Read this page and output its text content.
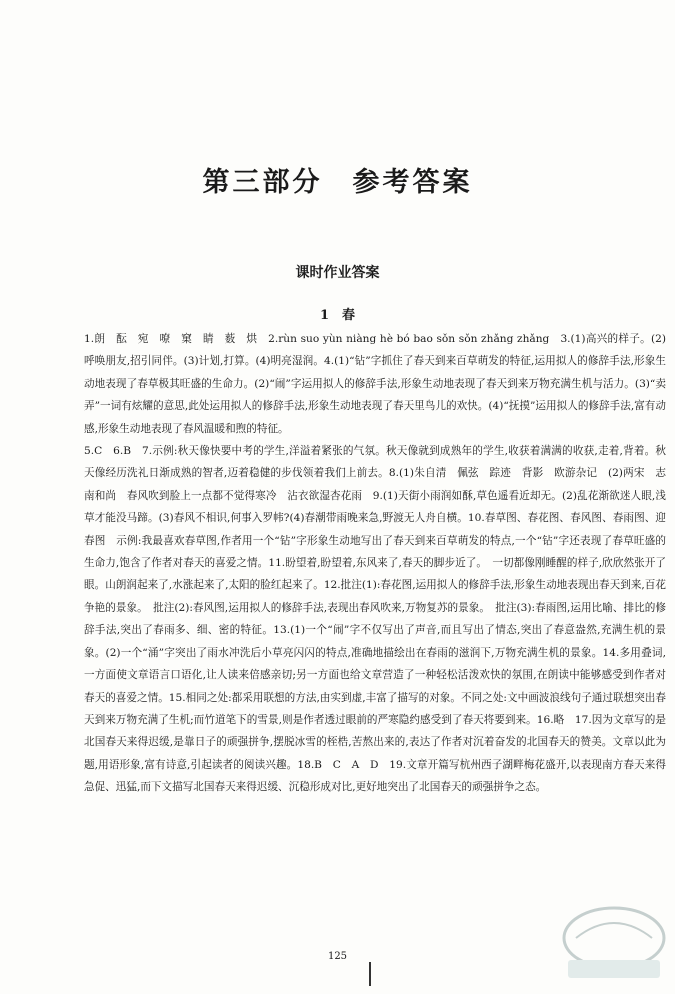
第三部分　参考答案
课时作业答案
1　春

1.朗　酝　宛　嘹　窠　睛　薮　烘　2.rùn suo yùn niàng hè bó bao sǒn sǒn zhǎng zhǎng　3.(1)高兴的样子。(2)呼唤朋友,招引同伴。(3)计划,打算。(4)明亮湿润。4.(1)“钻”字抓住了春天到来百草萌发的特征,运用拟人的修辞手法,形象生动地表现了春草极其旺盛的生命力。(2)“闹”字运用拟人的修辞手法,形象生动地表现了春天到来万物充满生机与活力。(3)“卖弄”一词有炫耀的意思,此处运用拟人的修辞手法,形象生动地表现了春天里鸟儿的欢快。(4)“抚摸”运用拟人的修辞手法,富有动感,形象生动地表现了春风温暖和煦的特征。

5.C　6.B　7.示例:秋天像快要中考的学生,洋溢着紧张的气氛。秋天像就到成熟年的学生,收获着满满的收获,走着,背着。秋天像经历洗礼日渐成熟的智者,迈着稳健的步伐领着我们上前去。8.(1)朱自清　佩弦　踪迹　背影　欧游杂记　(2)两宋　志南和尚　春风吹到脸上一点都不觉得寒冷　沾衣欲湿杏花雨　9.(1)天街小雨润如酥,草色遥看近却无。(2)乱花渐欲迷人眼,浅草才能没马蹄。(3)春风不相识,何事入罗帏?(4)春潮带雨晚来急,野渡无人舟自横。10.春草图、春花图、春风图、春雨图、迎春图　示例:我最喜欢春草图,作者用一个“钻”字形象生动地写出了春天到来百草萌发的特点,一个“钻”字还表现了春草旺盛的生命力,饱含了作者对春天的喜爱之情。11.盼望着,盼望着,东风来了,春天的脚步近了。　一切都像刚睡醒的样子,欣欣然张开了眼。山朗润起来了,水涨起来了,太阳的脸红起来了。12.批注(1):春花图,运用拟人的修辞手法,形象生动地表现出春天到来,百花争艳的景象。　批注(2):春风图,运用拟人的修辞手法,表现出春风吹来,万物复苏的景象。　批注(3):春雨图,运用比喻、排比的修辞手法,突出了春雨多、细、密的特征。13.(1)一个“闹”字不仅写出了声音,而且写出了情态,突出了春意盎然,充满生机的景象。(2)一个“涌”字突出了雨水冲洗后小草亮闪闪的特点,准确地描绘出在春雨的滋润下,万物充满生机的景象。14.多用叠词,一方面使文章语言口语化,让人读来倍感亲切;另一方面也给文章营造了一种轻松活泼欢快的氛围,在朗读中能够感受到作者对春天的喜爱之情。15.相同之处:都采用联想的方法,由实到虚,丰富了描写的对象。不同之处:文中画波浪线句子通过联想突出春天到来万物充满了生机;而竹道笔下的雪景,则是作者透过眼前的严寒隐约感受到了春天将要到来。16.略　17.因为文章写的是北国春天来得迟缓,是靠日子的顽强拼争,摆脱冰雪的桎梏,苦熬出来的,表达了作者对沉着奋发的北国春天的赞美。文章以此为题,用语形象,富有诗意,引起读者的阅读兴趣。18.B　C　A　D　19.文章开篇写杭州西子湖畔梅花盛开,以表现南方春天来得急促、迅猛,而下文描写北国春天来得迟缓、沉稳形成对比,更好地突出了北国春天的顽强拼争之态。

125
